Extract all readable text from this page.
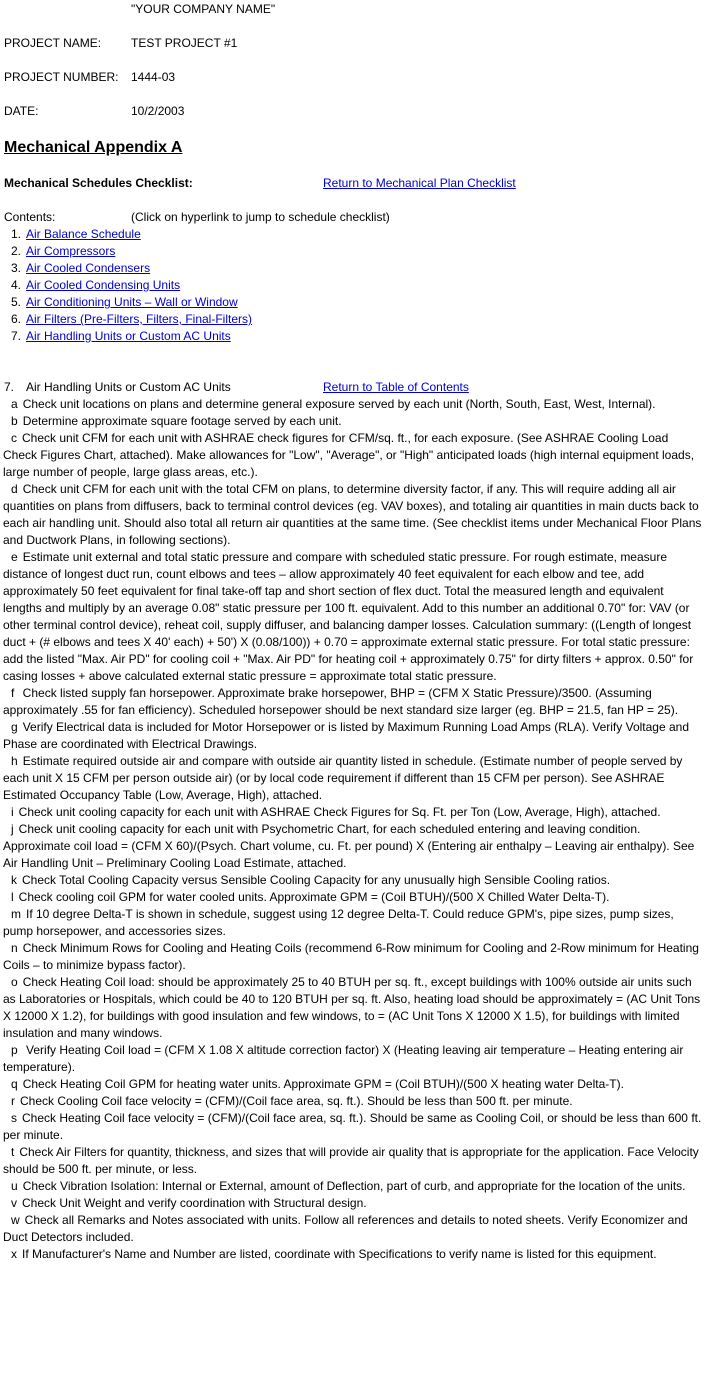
"YOUR COMPANY NAME"
PROJECT NAME: TEST PROJECT #1
PROJECT NUMBER: 1444-03
DATE:	10/2/2003
Mechanical Appendix A
Mechanical Schedules Checklist:	Return to Mechanical Plan Checklist
Contents:	(Click on hyperlink to jump to schedule checklist)
1. Air Balance Schedule
2. Air Compressors
3. Air Cooled Condensers
4. Air Cooled Condensing Units
5. Air Conditioning Units – Wall or Window
6. Air Filters (Pre-Filters, Filters, Final-Filters)
7. Air Handling Units or Custom AC Units
7. Air Handling Units or Custom AC Units	Return to Table of Contents
a Check unit locations on plans and determine general exposure served by each unit (North, South, East, West, Internal).
b Determine approximate square footage served by each unit.
c Check unit CFM for each unit with ASHRAE check figures for CFM/sq. ft., for each exposure. (See ASHRAE Cooling Load Check Figures Chart, attached). Make allowances for "Low", "Average", or "High" anticipated loads (high internal equipment loads, large number of people, large glass areas, etc.).
d Check unit CFM for each unit with the total CFM on plans, to determine diversity factor, if any. This will require adding all air quantities on plans from diffusers, back to terminal control devices (eg. VAV boxes), and totaling air quantities in main ducts back to each air handling unit. Should also total all return air quantities at the same time. (See checklist items under Mechanical Floor Plans and Ductwork Plans, in following sections).
e Estimate unit external and total static pressure and compare with scheduled static pressure. For rough estimate, measure distance of longest duct run, count elbows and tees – allow approximately 40 feet equivalent for each elbow and tee, add approximately 50 feet equivalent for final take-off tap and short section of flex duct. Total the measured length and equivalent lengths and multiply by an average 0.08" static pressure per 100 ft. equivalent. Add to this number an additional 0.70" for: VAV (or other terminal control device), reheat coil, supply diffuser, and balancing damper losses. Calculation summary: ((Length of longest duct + (# elbows and tees X 40' each) + 50') X (0.08/100)) + 0.70 = approximate external static pressure. For total static pressure: add the listed "Max. Air PD" for cooling coil + "Max. Air PD" for heating coil + approximately 0.75" for dirty filters + approx. 0.50" for casing losses + above calculated external static pressure = approximate total static pressure.
f Check listed supply fan horsepower. Approximate brake horsepower, BHP = (CFM X Static Pressure)/3500. (Assuming approximately .55 for fan efficiency). Scheduled horsepower should be next standard size larger (eg. BHP = 21.5, fan HP = 25).
g Verify Electrical data is included for Motor Horsepower or is listed by Maximum Running Load Amps (RLA). Verify Voltage and Phase are coordinated with Electrical Drawings.
h Estimate required outside air and compare with outside air quantity listed in schedule. (Estimate number of people served by each unit X 15 CFM per person outside air) (or by local code requirement if different than 15 CFM per person). See ASHRAE Estimated Occupancy Table (Low, Average, High), attached.
i Check unit cooling capacity for each unit with ASHRAE Check Figures for Sq. Ft. per Ton (Low, Average, High), attached.
j Check unit cooling capacity for each unit with Psychometric Chart, for each scheduled entering and leaving condition. Approximate coil load = (CFM X 60)/(Psych. Chart volume, cu. Ft. per pound) X (Entering air enthalpy – Leaving air enthalpy). See Air Handling Unit – Preliminary Cooling Load Estimate, attached.
k Check Total Cooling Capacity versus Sensible Cooling Capacity for any unusually high Sensible Cooling ratios.
l Check cooling coil GPM for water cooled units. Approximate GPM = (Coil BTUH)/(500 X Chilled Water Delta-T).
m If 10 degree Delta-T is shown in schedule, suggest using 12 degree Delta-T. Could reduce GPM's, pipe sizes, pump sizes, pump horsepower, and accessories sizes.
n Check Minimum Rows for Cooling and Heating Coils (recommend 6-Row minimum for Cooling and 2-Row minimum for Heating Coils – to minimize bypass factor).
o Check Heating Coil load: should be approximately 25 to 40 BTUH per sq. ft., except buildings with 100% outside air units such as Laboratories or Hospitals, which could be 40 to 120 BTUH per sq. ft. Also, heating load should be approximately = (AC Unit Tons X 12000 X 1.2), for buildings with good insulation and few windows, to = (AC Unit Tons X 12000 X 1.5), for buildings with limited insulation and many windows.
p Verify Heating Coil load = (CFM X 1.08 X altitude correction factor) X (Heating leaving air temperature – Heating entering air temperature).
q Check Heating Coil GPM for heating water units. Approximate GPM = (Coil BTUH)/(500 X heating water Delta-T).
r Check Cooling Coil face velocity = (CFM)/(Coil face area, sq. ft.). Should be less than 500 ft. per minute.
s Check Heating Coil face velocity = (CFM)/(Coil face area, sq. ft.). Should be same as Cooling Coil, or should be less than 600 ft. per minute.
t Check Air Filters for quantity, thickness, and sizes that will provide air quality that is appropriate for the application. Face Velocity should be 500 ft. per minute, or less.
u Check Vibration Isolation: Internal or External, amount of Deflection, part of curb, and appropriate for the location of the units.
v Check Unit Weight and verify coordination with Structural design.
w Check all Remarks and Notes associated with units. Follow all references and details to noted sheets. Verify Economizer and Duct Detectors included.
x If Manufacturer's Name and Number are listed, coordinate with Specifications to verify name is listed for this equipment.
